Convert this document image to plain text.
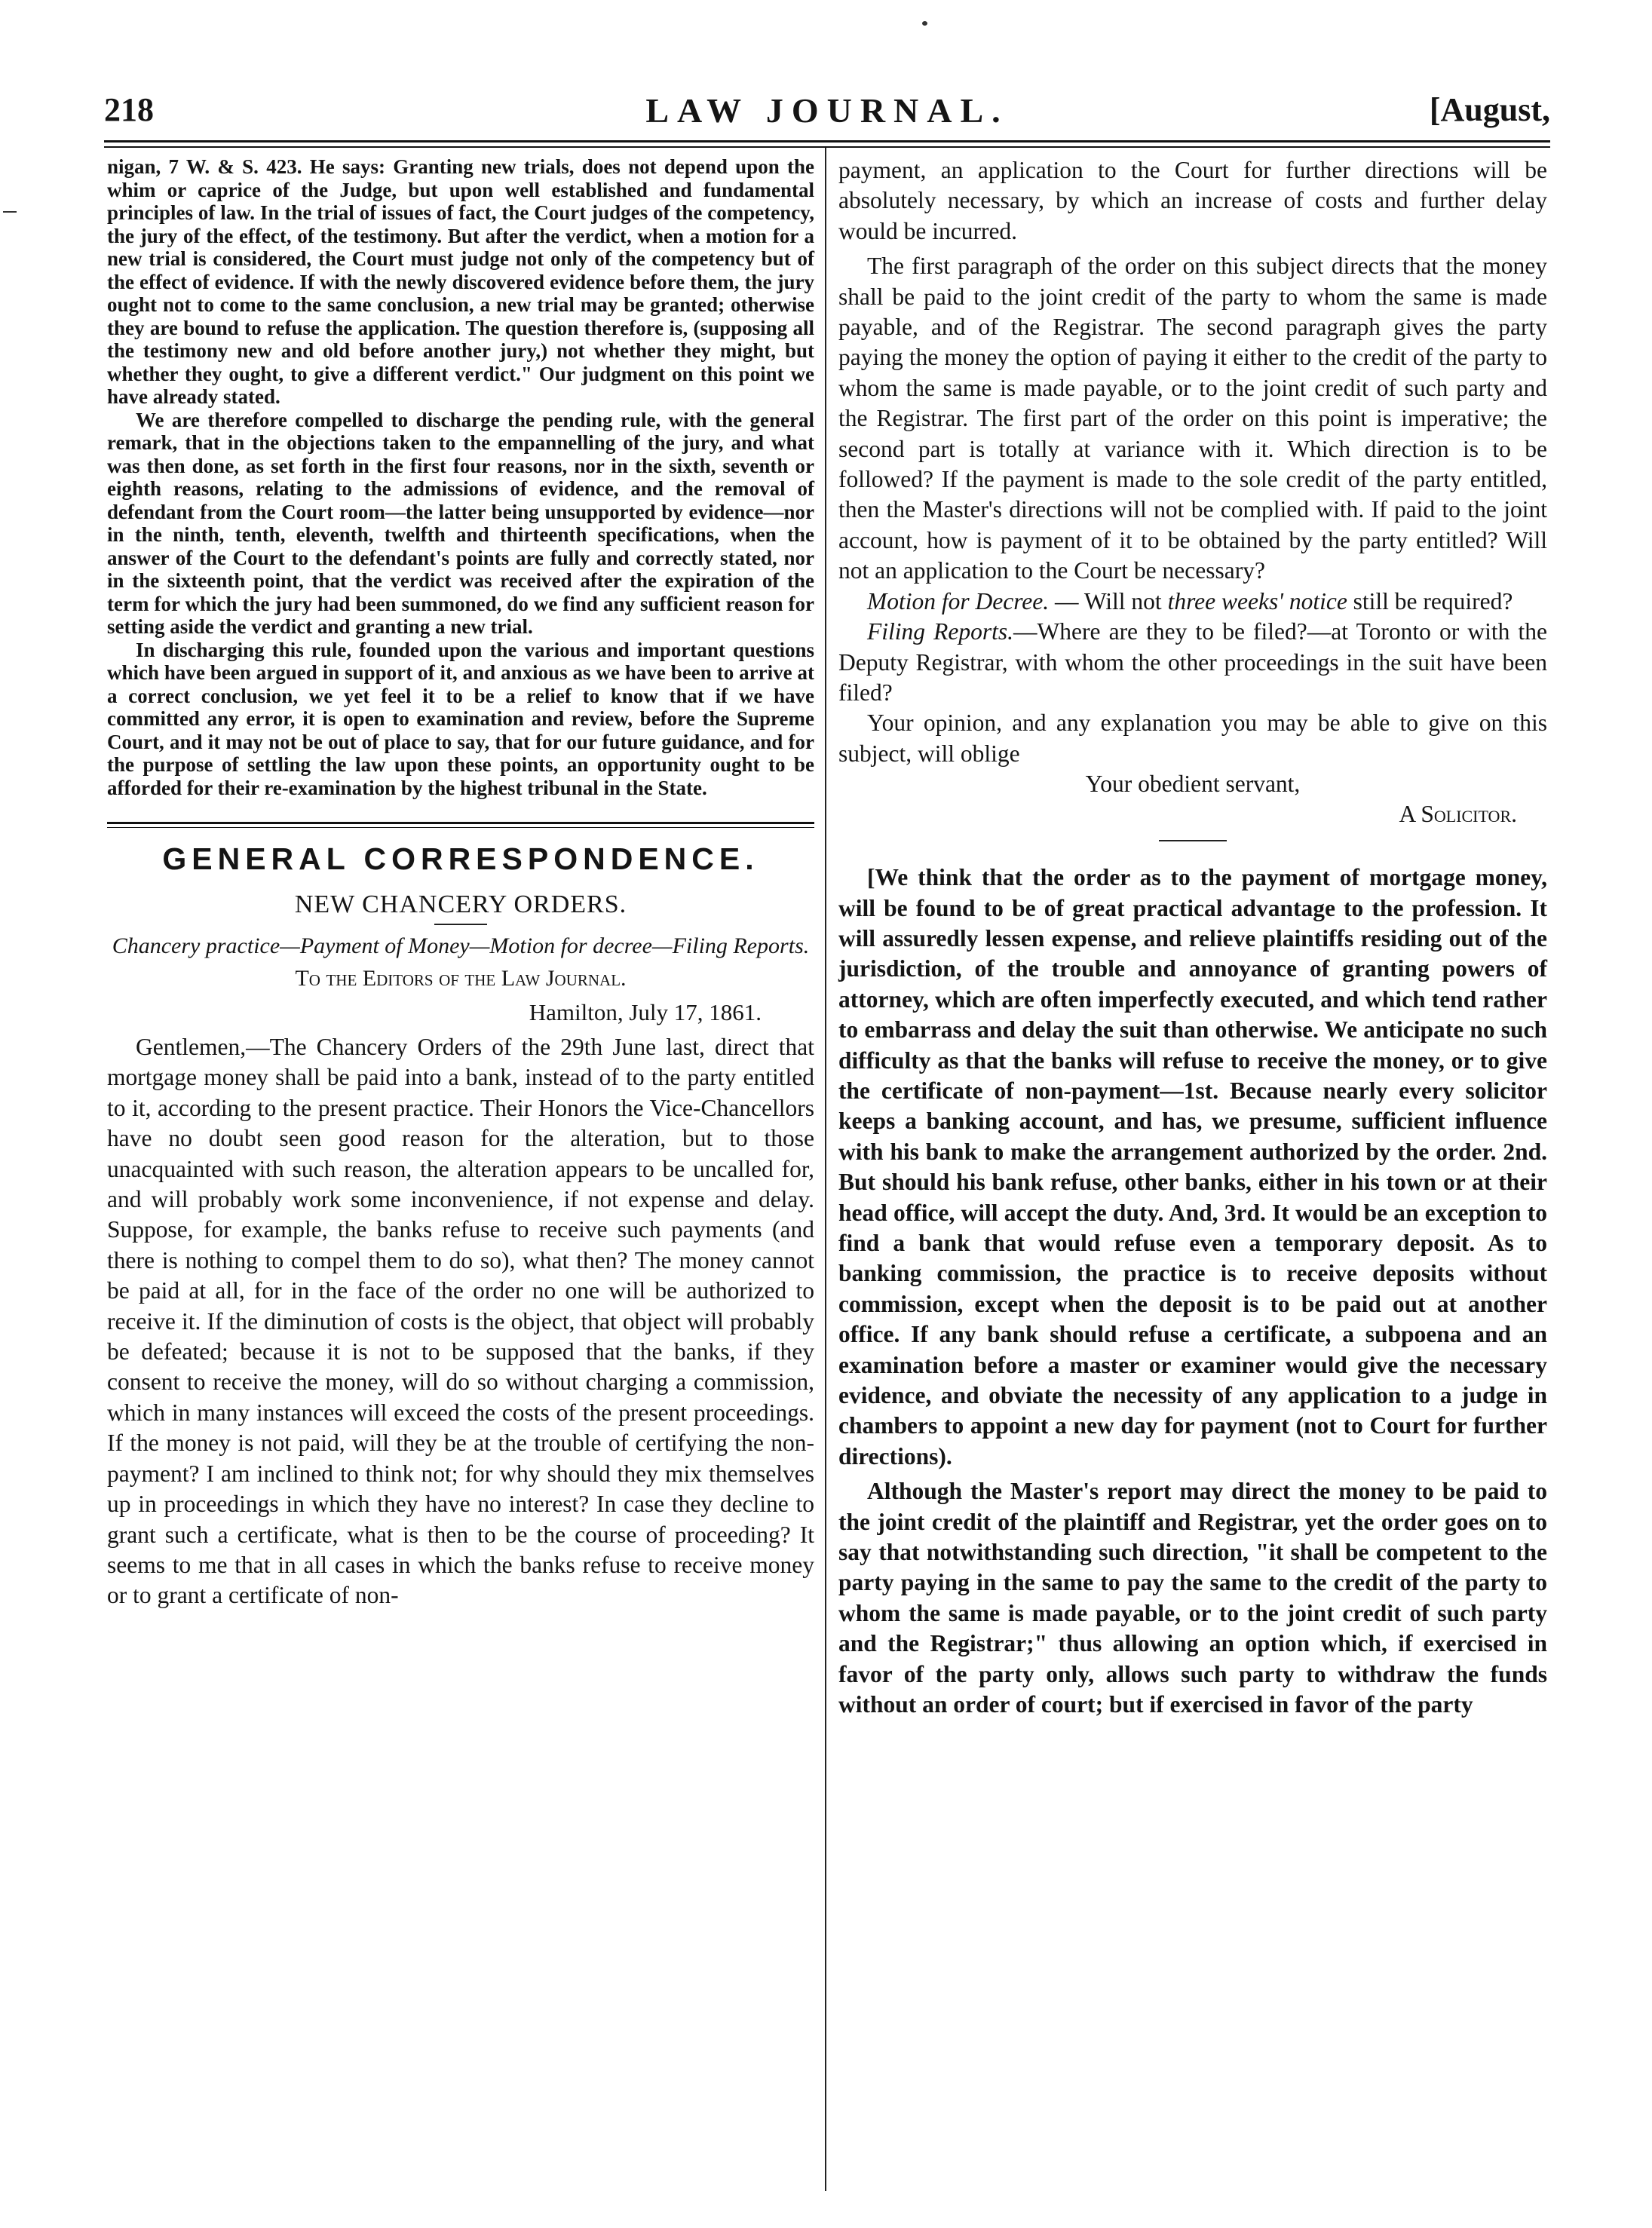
218	LAW JOURNAL.	[August,

nigan, 7 W. & S. 423. He says: Granting new trials, does not depend upon the whim or caprice of the Judge, but upon well established and fundamental principles of law. In the trial of issues of fact, the Court judges of the competency, the jury of the effect, of the testimony. But after the verdict, when a motion for a new trial is considered, the Court must judge not only of the competency but of the effect of evidence. If with the newly discovered evidence before them, the jury ought not to come to the same conclusion, a new trial may be granted; otherwise they are bound to refuse the application. The question therefore is, (supposing all the testimony new and old before another jury,) not whether they might, but whether they ought, to give a different verdict." Our judgment on this point we have already stated.

We are therefore compelled to discharge the pending rule, with the general remark, that in the objections taken to the empannelling of the jury, and what was then done, as set forth in the first four reasons, nor in the sixth, seventh or eighth reasons, relating to the admissions of evidence, and the removal of defendant from the Court room—the latter being unsupported by evidence—nor in the ninth, tenth, eleventh, twelfth and thirteenth specifications, when the answer of the Court to the defendant's points are fully and correctly stated, nor in the sixteenth point, that the verdict was received after the expiration of the term for which the jury had been summoned, do we find any sufficient reason for setting aside the verdict and granting a new trial.

In discharging this rule, founded upon the various and important questions which have been argued in support of it, and anxious as we have been to arrive at a correct conclusion, we yet feel it to be a relief to know that if we have committed any error, it is open to examination and review, before the Supreme Court, and it may not be out of place to say, that for our future guidance, and for the purpose of settling the law upon these points, an opportunity ought to be afforded for their re-examination by the highest tribunal in the State.

GENERAL CORRESPONDENCE.
NEW CHANCERY ORDERS.
Chancery practice—Payment of Money—Motion for decree—Filing Reports.
To the Editors of the Law Journal.
Hamilton, July 17, 1861.

Gentlemen,—The Chancery Orders of the 29th June last, direct that mortgage money shall be paid into a bank, instead of to the party entitled to it, according to the present practice. Their Honors the Vice-Chancellors have no doubt seen good reason for the alteration, but to those unacquainted with such reason, the alteration appears to be uncalled for, and will probably work some inconvenience, if not expense and delay. Suppose, for example, the banks refuse to receive such payments (and there is nothing to compel them to do so), what then? The money cannot be paid at all, for in the face of the order no one will be authorized to receive it. If the diminution of costs is the object, that object will probably be defeated; because it is not to be supposed that the banks, if they consent to receive the money, will do so without charging a commission, which in many instances will exceed the costs of the present proceedings. If the money is not paid, will they be at the trouble of certifying the non-payment? I am inclined to think not; for why should they mix themselves up in proceedings in which they have no interest? In case they decline to grant such a certificate, what is then to be the course of proceeding? It seems to me that in all cases in which the banks refuse to receive money or to grant a certificate of non-

payment, an application to the Court for further directions will be absolutely necessary, by which an increase of costs and further delay would be incurred.

The first paragraph of the order on this subject directs that the money shall be paid to the joint credit of the party to whom the same is made payable, and of the Registrar. The second paragraph gives the party paying the money the option of paying it either to the credit of the party to whom the same is made payable, or to the joint credit of such party and the Registrar. The first part of the order on this point is imperative; the second part is totally at variance with it. Which direction is to be followed? If the payment is made to the sole credit of the party entitled, then the Master's directions will not be complied with. If paid to the joint account, how is payment of it to be obtained by the party entitled? Will not an application to the Court be necessary?

Motion for Decree. — Will not three weeks' notice still be required?

Filing Reports.—Where are they to be filed?—at Toronto or with the Deputy Registrar, with whom the other proceedings in the suit have been filed?

Your opinion, and any explanation you may be able to give on this subject, will oblige

Your obedient servant,
A Solicitor.

[We think that the order as to the payment of mortgage money, will be found to be of great practical advantage to the profession. It will assuredly lessen expense, and relieve plaintiffs residing out of the jurisdiction, of the trouble and annoyance of granting powers of attorney, which are often imperfectly executed, and which tend rather to embarrass and delay the suit than otherwise. We anticipate no such difficulty as that the banks will refuse to receive the money, or to give the certificate of non-payment—1st. Because nearly every solicitor keeps a banking account, and has, we presume, sufficient influence with his bank to make the arrangement authorized by the order. 2nd. But should his bank refuse, other banks, either in his town or at their head office, will accept the duty. And, 3rd. It would be an exception to find a bank that would refuse even a temporary deposit. As to banking commission, the practice is to receive deposits without commission, except when the deposit is to be paid out at another office. If any bank should refuse a certificate, a subpoena and an examination before a master or examiner would give the necessary evidence, and obviate the necessity of any application to a judge in chambers to appoint a new day for payment (not to Court for further directions).

Although the Master's report may direct the money to be paid to the joint credit of the plaintiff and Registrar, yet the order goes on to say that notwithstanding such direction, "it shall be competent to the party paying in the same to pay the same to the credit of the party to whom the same is made payable, or to the joint credit of such party and the Registrar;" thus allowing an option which, if exercised in favor of the party only, allows such party to withdraw the funds without an order of court; but if exercised in favor of the party
